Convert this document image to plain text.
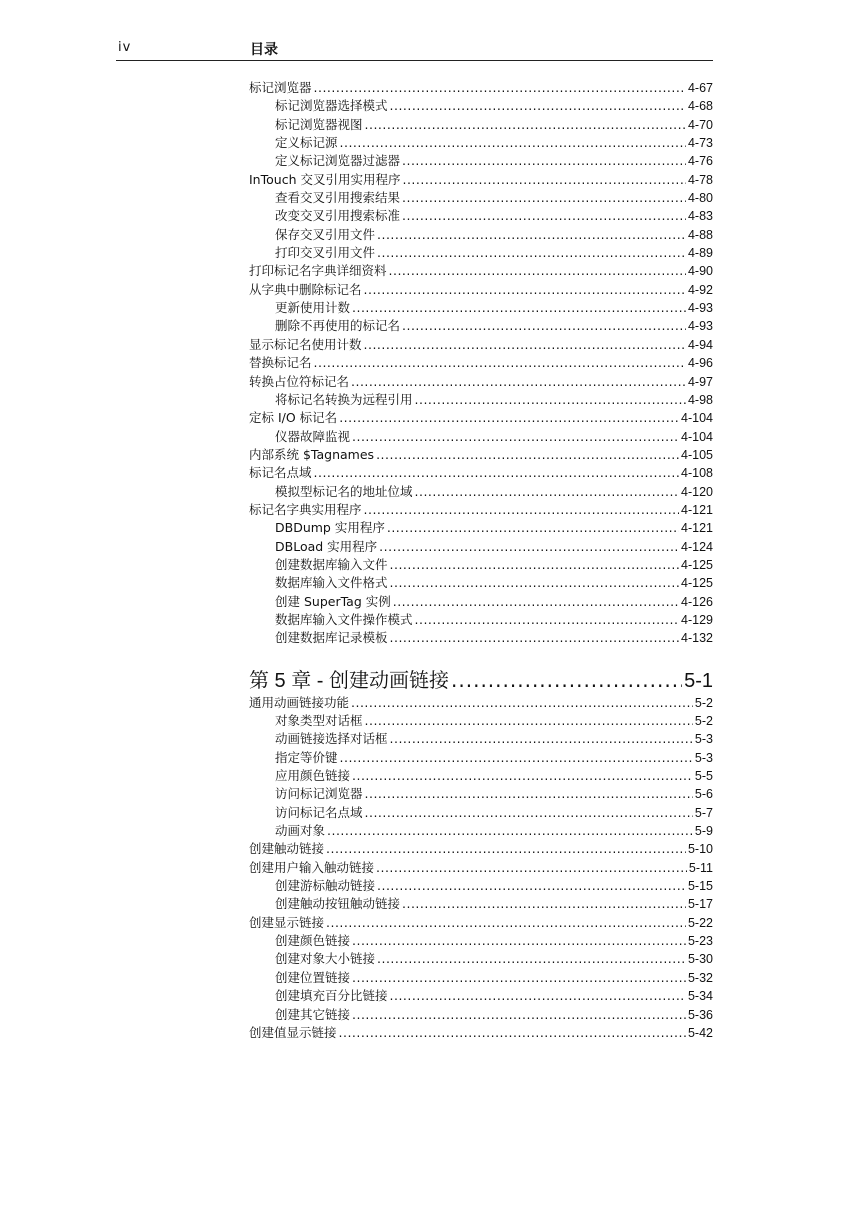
iv	目录
标记浏览器 .....	4-67
标记浏览器选择模式 .....	4-68
标记浏览器视图 .....	4-70
定义标记源 .....	4-73
定义标记浏览器过滤器 .....	4-76
InTouch 交叉引用实用程序 .....	4-78
查看交叉引用搜索结果 .....	4-80
改变交叉引用搜索标准 .....	4-83
保存交叉引用文件 .....	4-88
打印交叉引用文件 .....	4-89
打印标记名字典详细资料 .....	4-90
从字典中删除标记名 .....	4-92
更新使用计数 .....	4-93
删除不再使用的标记名 .....	4-93
显示标记名使用计数 .....	4-94
替换标记名 .....	4-96
转换占位符标记名 .....	4-97
将标记名转换为远程引用 .....	4-98
定标 I/O 标记名 .....	4-104
仪器故障监视 .....	4-104
内部系统 $Tagnames .....	4-105
标记名点域 .....	4-108
模拟型标记名的地址位域 .....	4-120
标记名字典实用程序 .....	4-121
DBDump 实用程序 .....	4-121
DBLoad 实用程序 .....	4-124
创建数据库输入文件 .....	4-125
数据库输入文件格式 .....	4-125
创建 SuperTag 实例 .....	4-126
数据库输入文件操作模式 .....	4-129
创建数据库记录模板 .....	4-132
第 5 章 - 创建动画链接 .....	5-1
通用动画链接功能 .....	5-2
对象类型对话框 .....	5-2
动画链接选择对话框 .....	5-3
指定等价键 .....	5-3
应用颜色链接 .....	5-5
访问标记浏览器 .....	5-6
访问标记名点域 .....	5-7
动画对象 .....	5-9
创建触动链接 .....	5-10
创建用户输入触动链接 .....	5-11
创建游标触动链接 .....	5-15
创建触动按钮触动链接 .....	5-17
创建显示链接 .....	5-22
创建颜色链接 .....	5-23
创建对象大小链接 .....	5-30
创建位置链接 .....	5-32
创建填充百分比链接 .....	5-34
创建其它链接 .....	5-36
创建值显示链接 .....	5-42
